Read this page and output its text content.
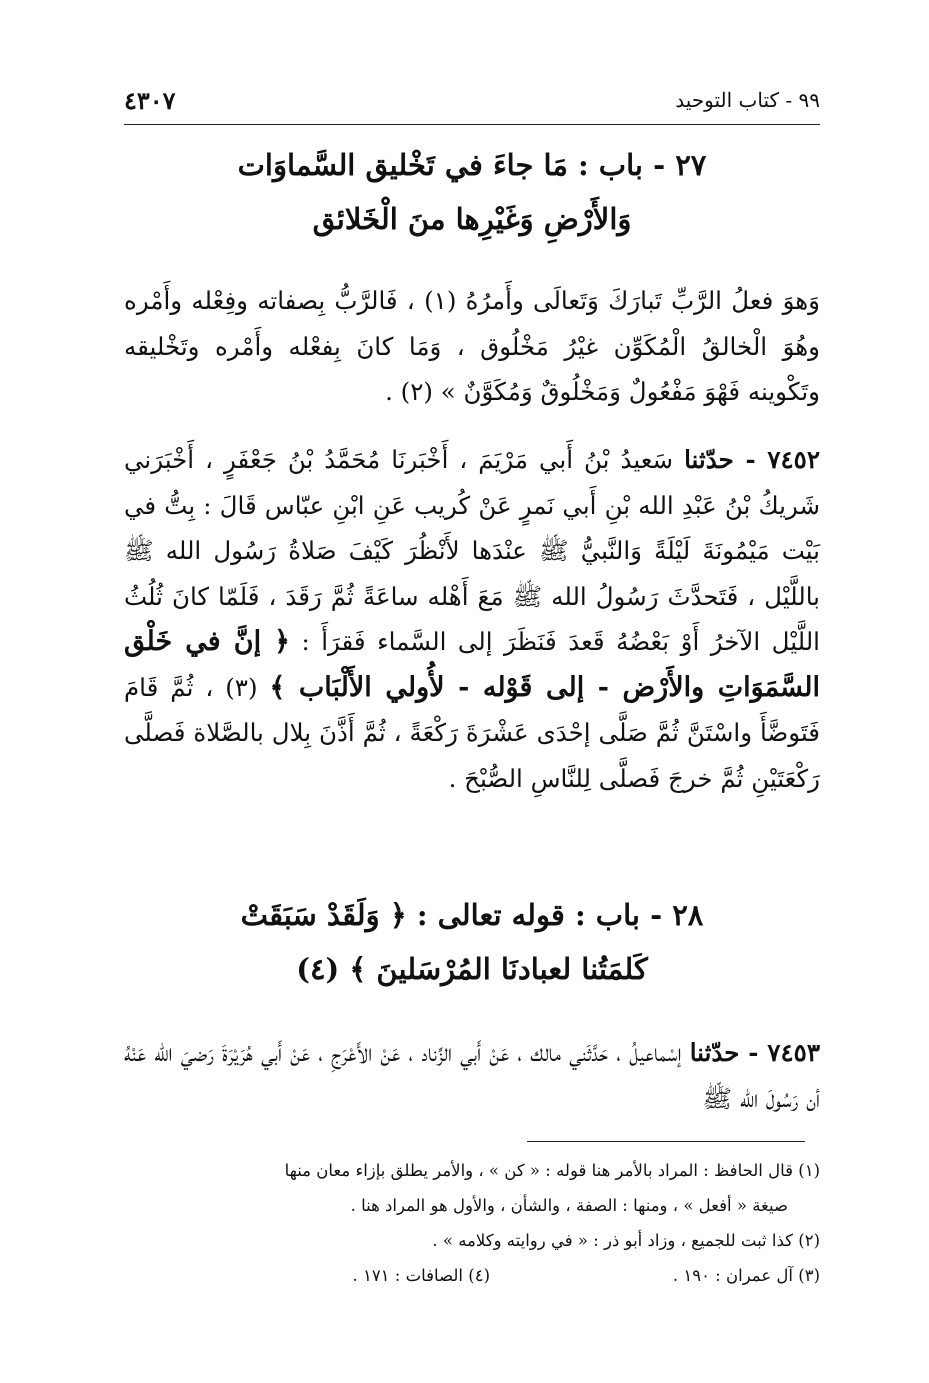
٩٩ - كتاب التوحيد
٤٣٠٧
٢٧ - باب : مَا جاءَ في تَخْليق السَّماوَات
وَالأَرْضِ وَغَيْرِها منَ الْخَلائق
وَهوَ فعلُ الرَّبِّ تَبارَكَ وَتَعالَى وأَمرُهُ (١) ، فَالرَّبُّ بِصفاته وفِعْله وأَمْره وهُوَ الْخالقُ الْمُكَوِّن غيْرُ مَخْلُوق ، وَمَا كانَ بِفعْله وأَمْره وتَخْليقه وتَكْوينه فَهْوَ مَفْعُولٌ وَمَخْلُوقٌ وَمُكَوَّنٌ » (٢) .
٧٤٥٢ - حدّثنا سَعيدُ بْنُ أَبي مَرْيَمَ ، أَخْبَرنَا مُحَمَّدُ بْنُ جَعْفَرٍ ، أَخْبَرَني شَريكُ بْنُ عَبْدِ الله بْنِ أَبي نَمرٍ عَنْ كُريب عَنِ ابْنِ عبّاس قَالَ : بِتُّ في بَيْت مَيْمُونَةَ لَيْلَةً وَالنَّبيُّ ﷺ عنْدَها لأَنْظُرَ كَيْفَ صَلاةُ رَسُول الله ﷺ باللَّيْل ، فَتَحدَّثَ رَسُولُ الله ﷺ مَعَ أَهْله ساعَةً ثُمَّ رَقَدَ ، فَلَمّا كانَ ثُلُثُ اللَّيْل الآخرُ أَوْ بَعْضُهُ قَعدَ فَنَظَرَ إلى السَّماء فَقرَأَ : ﴿ إنَّ في خَلْق السَّمَوَاتِ والأَرْض - إلى قَوْله - لأُولي الأَلْبَاب ﴾ (٣) ، ثُمَّ قَامَ فَتَوضَّأَ واسْتَنَّ ثُمَّ صَلَّى إحْدَى عَشْرَةَ رَكْعَةً ، ثُمَّ أَذَّنَ بِلال بالصَّلاة فَصلَّى رَكْعَتَيْنِ ثُمَّ خرجَ فَصلَّى لِلنَّاسِ الصُّبْحَ .
٢٨ - باب : قوله تعالى : ﴿ وَلَقَدْ سَبَقَتْ
كَلمَتُنا لعبادنَا المُرْسَلينَ ﴾ (٤)
٧٤٥٣ - حدّثنا إسْماعيلُ ، حَدَّثَني مالك ، عَنْ أَبي الزِّناد ، عَنْ الأَعْرَجِ ، عَنْ أَبي هُرَيْرَةَ رَضيَ الله عَنْهُ أن رَسُولَ الله ﷺ
(١) قال الحافظ : المراد بالأمر هنا قوله : « كن » ، والأمر يطلق بإزاء معان منها
صيغة « أفعل » ، ومنها : الصفة ، والشأن ، والأول هو المراد هنا .
(٢) كذا ثبت للجميع ، وزاد أبو ذر : « في روايته وكلامه » .
(٣) آل عمران : ١٩٠ .
(٤) الصافات : ١٧١ .
